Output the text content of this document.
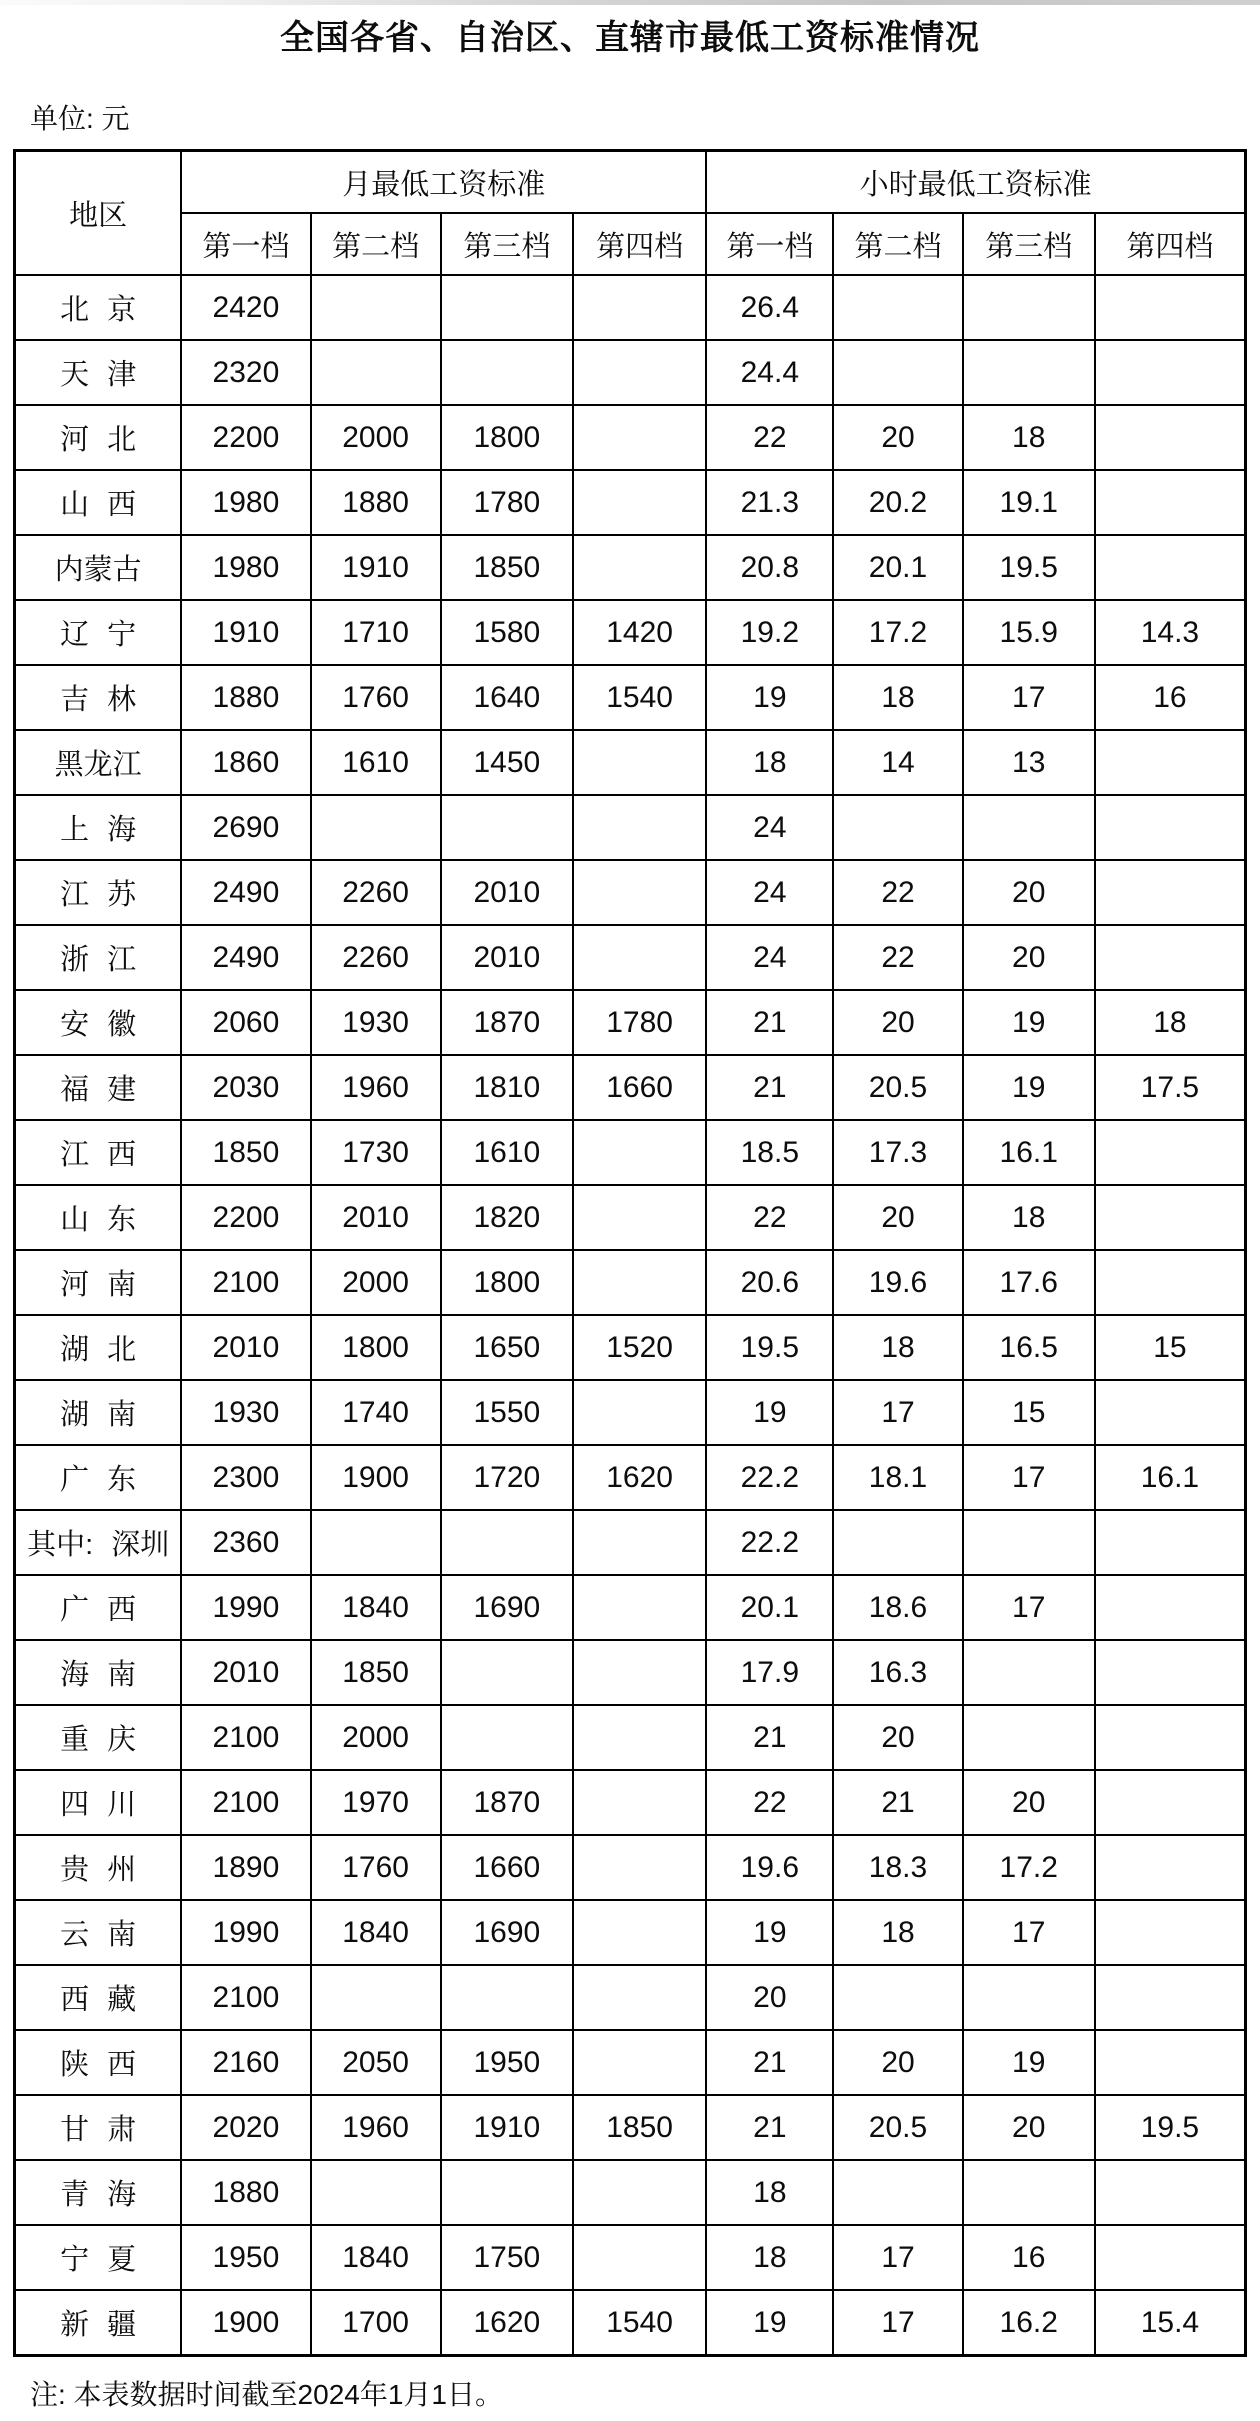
全国各省、自治区、直辖市最低工资标准情况

单位: 元

地区	月最低工资标准				小时最低工资标准			
	第一档	第二档	第三档	第四档	第一档	第二档	第三档	第四档
北 京	2420				26.4			
天 津	2320				24.4			
河 北	2200	2000	1800		22	20	18	
山 西	1980	1880	1780		21.3	20.2	19.1	
内蒙古	1980	1910	1850		20.8	20.1	19.5	
辽 宁	1910	1710	1580	1420	19.2	17.2	15.9	14.3
吉 林	1880	1760	1640	1540	19	18	17	16
黑龙江	1860	1610	1450		18	14	13	
上 海	2690				24			
江 苏	2490	2260	2010		24	22	20	
浙 江	2490	2260	2010		24	22	20	
安 徽	2060	1930	1870	1780	21	20	19	18
福 建	2030	1960	1810	1660	21	20.5	19	17.5
江 西	1850	1730	1610		18.5	17.3	16.1	
山 东	2200	2010	1820		22	20	18	
河 南	2100	2000	1800		20.6	19.6	17.6	
湖 北	2010	1800	1650	1520	19.5	18	16.5	15
湖 南	1930	1740	1550		19	17	15	
广 东	2300	1900	1720	1620	22.2	18.1	17	16.1
其中: 深圳	2360				22.2			
广 西	1990	1840	1690		20.1	18.6	17	
海 南	2010	1850			17.9	16.3		
重 庆	2100	2000			21	20		
四 川	2100	1970	1870		22	21	20	
贵 州	1890	1760	1660		19.6	18.3	17.2	
云 南	1990	1840	1690		19	18	17	
西 藏	2100				20			
陕 西	2160	2050	1950		21	20	19	
甘 肃	2020	1960	1910	1850	21	20.5	20	19.5
青 海	1880				18			
宁 夏	1950	1840	1750		18	17	16	
新 疆	1900	1700	1620	1540	19	17	16.2	15.4

注: 本表数据时间截至2024年1月1日。
